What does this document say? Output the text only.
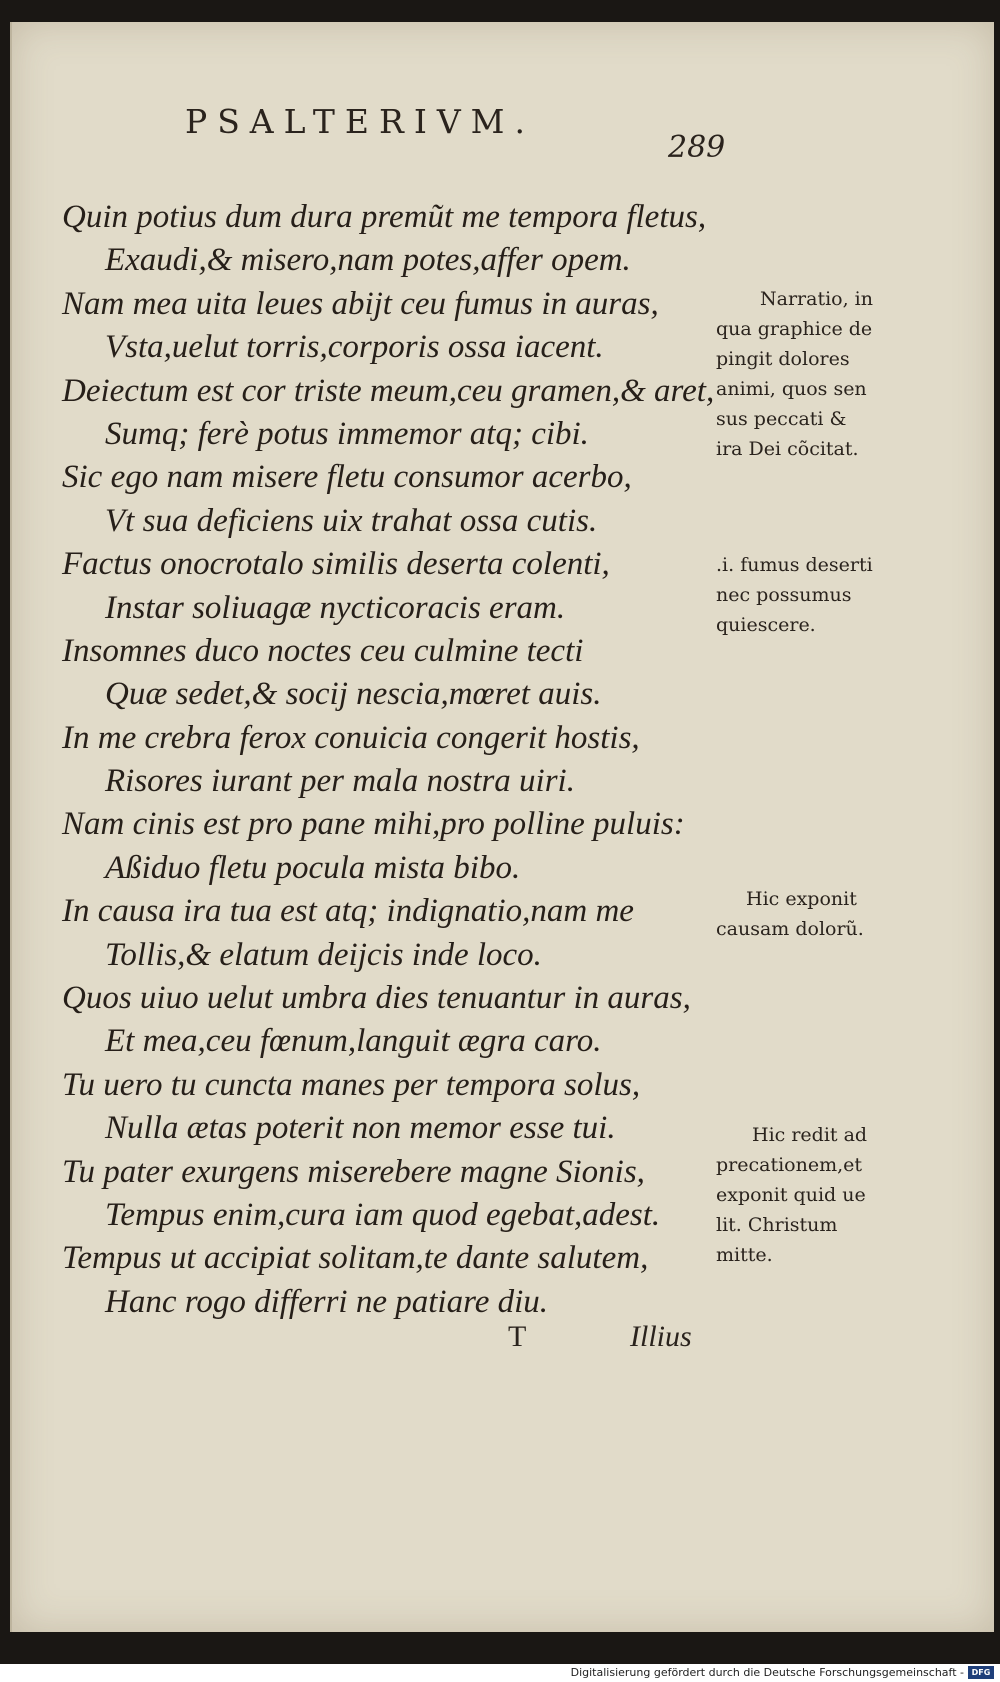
PSALTERIVM.
289
Quin potius dum dura premũt me tempora fletus,
Exaudi,& misero,nam potes,affer opem.
Nam mea uita leues abijt ceu fumus in auras,
Vsta,uelut torris,corporis ossa iacent.
Deiectum est cor triste meum,ceu gramen,& aret,
Sumq; ferè potus immemor atq; cibi.
Sic ego nam misere fletu consumor acerbo,
Vt sua deficiens uix trahat ossa cutis.
Factus onocrotalo similis deserta colenti,
Instar soliuagæ nycticoracis eram.
Insomnes duco noctes ceu culmine tecti
Quæ sedet,& socij nescia,mœret auis.
In me crebra ferox conuicia congerit hostis,
Risores iurant per mala nostra uiri.
Nam cinis est pro pane mihi,pro polline puluis:
Aßiduo fletu pocula mista bibo.
In causa ira tua est atq; indignatio,nam me
Tollis,& elatum deijcis inde loco.
Quos uiuo uelut umbra dies tenuantur in auras,
Et mea,ceu fœnum,languit ægra caro.
Tu uero tu cuncta manes per tempora solus,
Nulla ætas poterit non memor esse tui.
Tu pater exurgens miserebere magne Sionis,
Tempus enim,cura iam quod egebat,adest.
Tempus ut accipiat solitam,te dante salutem,
Hanc rogo differri ne patiare diu.
Narratio, in
qua graphice de
pingit dolores
animi, quos sen
sus peccati &
ira Dei cõcitat.
.i. fumus deserti
nec possumus
quiescere.
Hic exponit
causam dolorũ.
Hic redit ad
precationem,et
exponit quid ue
lit. Christum
mitte.
T	Illius
Digitalisierung gefördert durch die Deutsche Forschungsgemeinschaft - DFG
